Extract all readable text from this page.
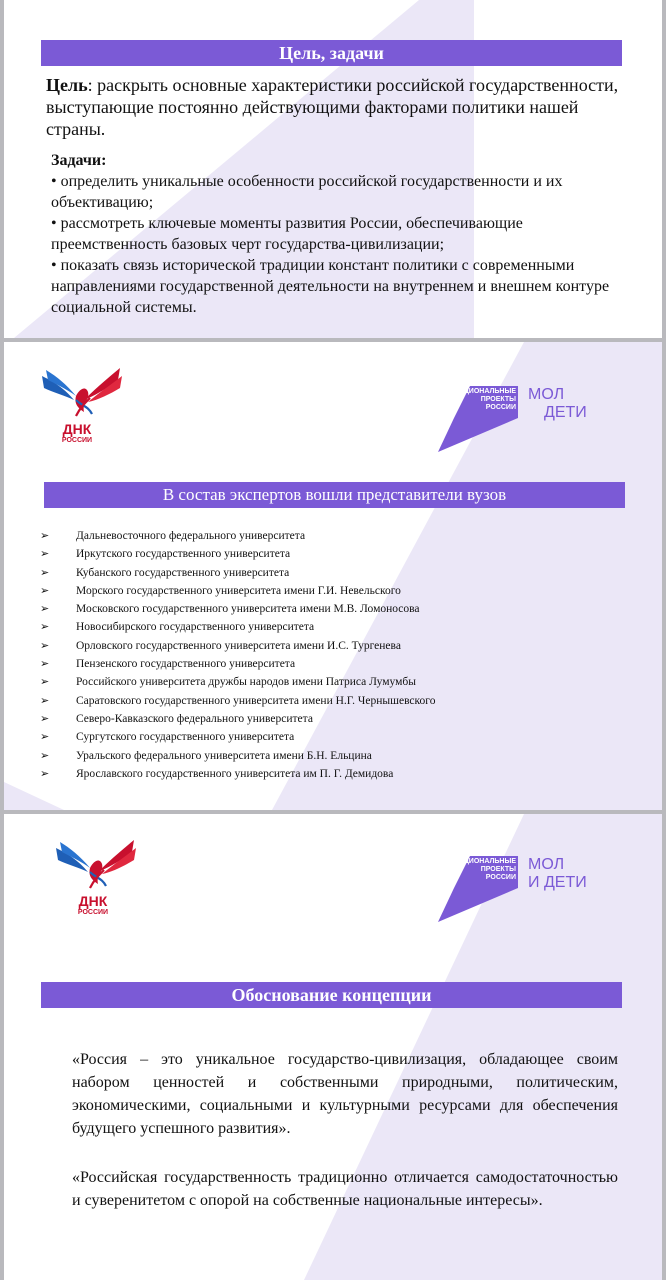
Цель, задачи
Цель: раскрыть основные характеристики российской государственности, выступающие постоянно действующими факторами политики нашей страны.
Задачи:
• определить уникальные особенности российской государственности и их объективацию;
• рассмотреть ключевые моменты развития России, обеспечивающие преемственность базовых черт государства-цивилизации;
• показать связь исторической традиции констант политики с современными направлениями государственной деятельности на внутреннем и внешнем контуре социальной системы.
ДНК
РОССИИ
НАЦИОНАЛЬНЫЕ
ПРОЕКТЫ
РОССИИ
МОЛ
ДЕТИ
В состав экспертов вошли представители вузов
➢ Дальневосточного федерального университета
➢ Иркутского государственного университета
➢ Кубанского государственного университета
➢ Морского государственного университета имени Г.И. Невельского
➢ Московского государственного университета имени М.В. Ломоносова
➢ Новосибирского государственного университета
➢ Орловского государственного университета имени И.С. Тургенева
➢ Пензенского государственного университета
➢ Российского университета дружбы народов имени Патриса Лумумбы
➢ Саратовского государственного университета имени Н.Г. Чернышевского
➢ Северо-Кавказского федерального университета
➢ Сургутского государственного университета
➢ Уральского федерального университета имени Б.Н. Ельцина
➢ Ярославского государственного университета им П. Г. Демидова
ДНК
РОССИИ
НАЦИОНАЛЬНЫЕ
ПРОЕКТЫ
РОССИИ
МОЛ
И ДЕТИ
Обоснование концепции
«Россия – это уникальное государство-цивилизация, обладающее своим набором ценностей и собственными природными, политическим, экономическими, социальными и культурными ресурсами для обеспечения будущего успешного развития».
«Российская государственность традиционно отличается самодостаточностью и суверенитетом с опорой на собственные национальные интересы».
